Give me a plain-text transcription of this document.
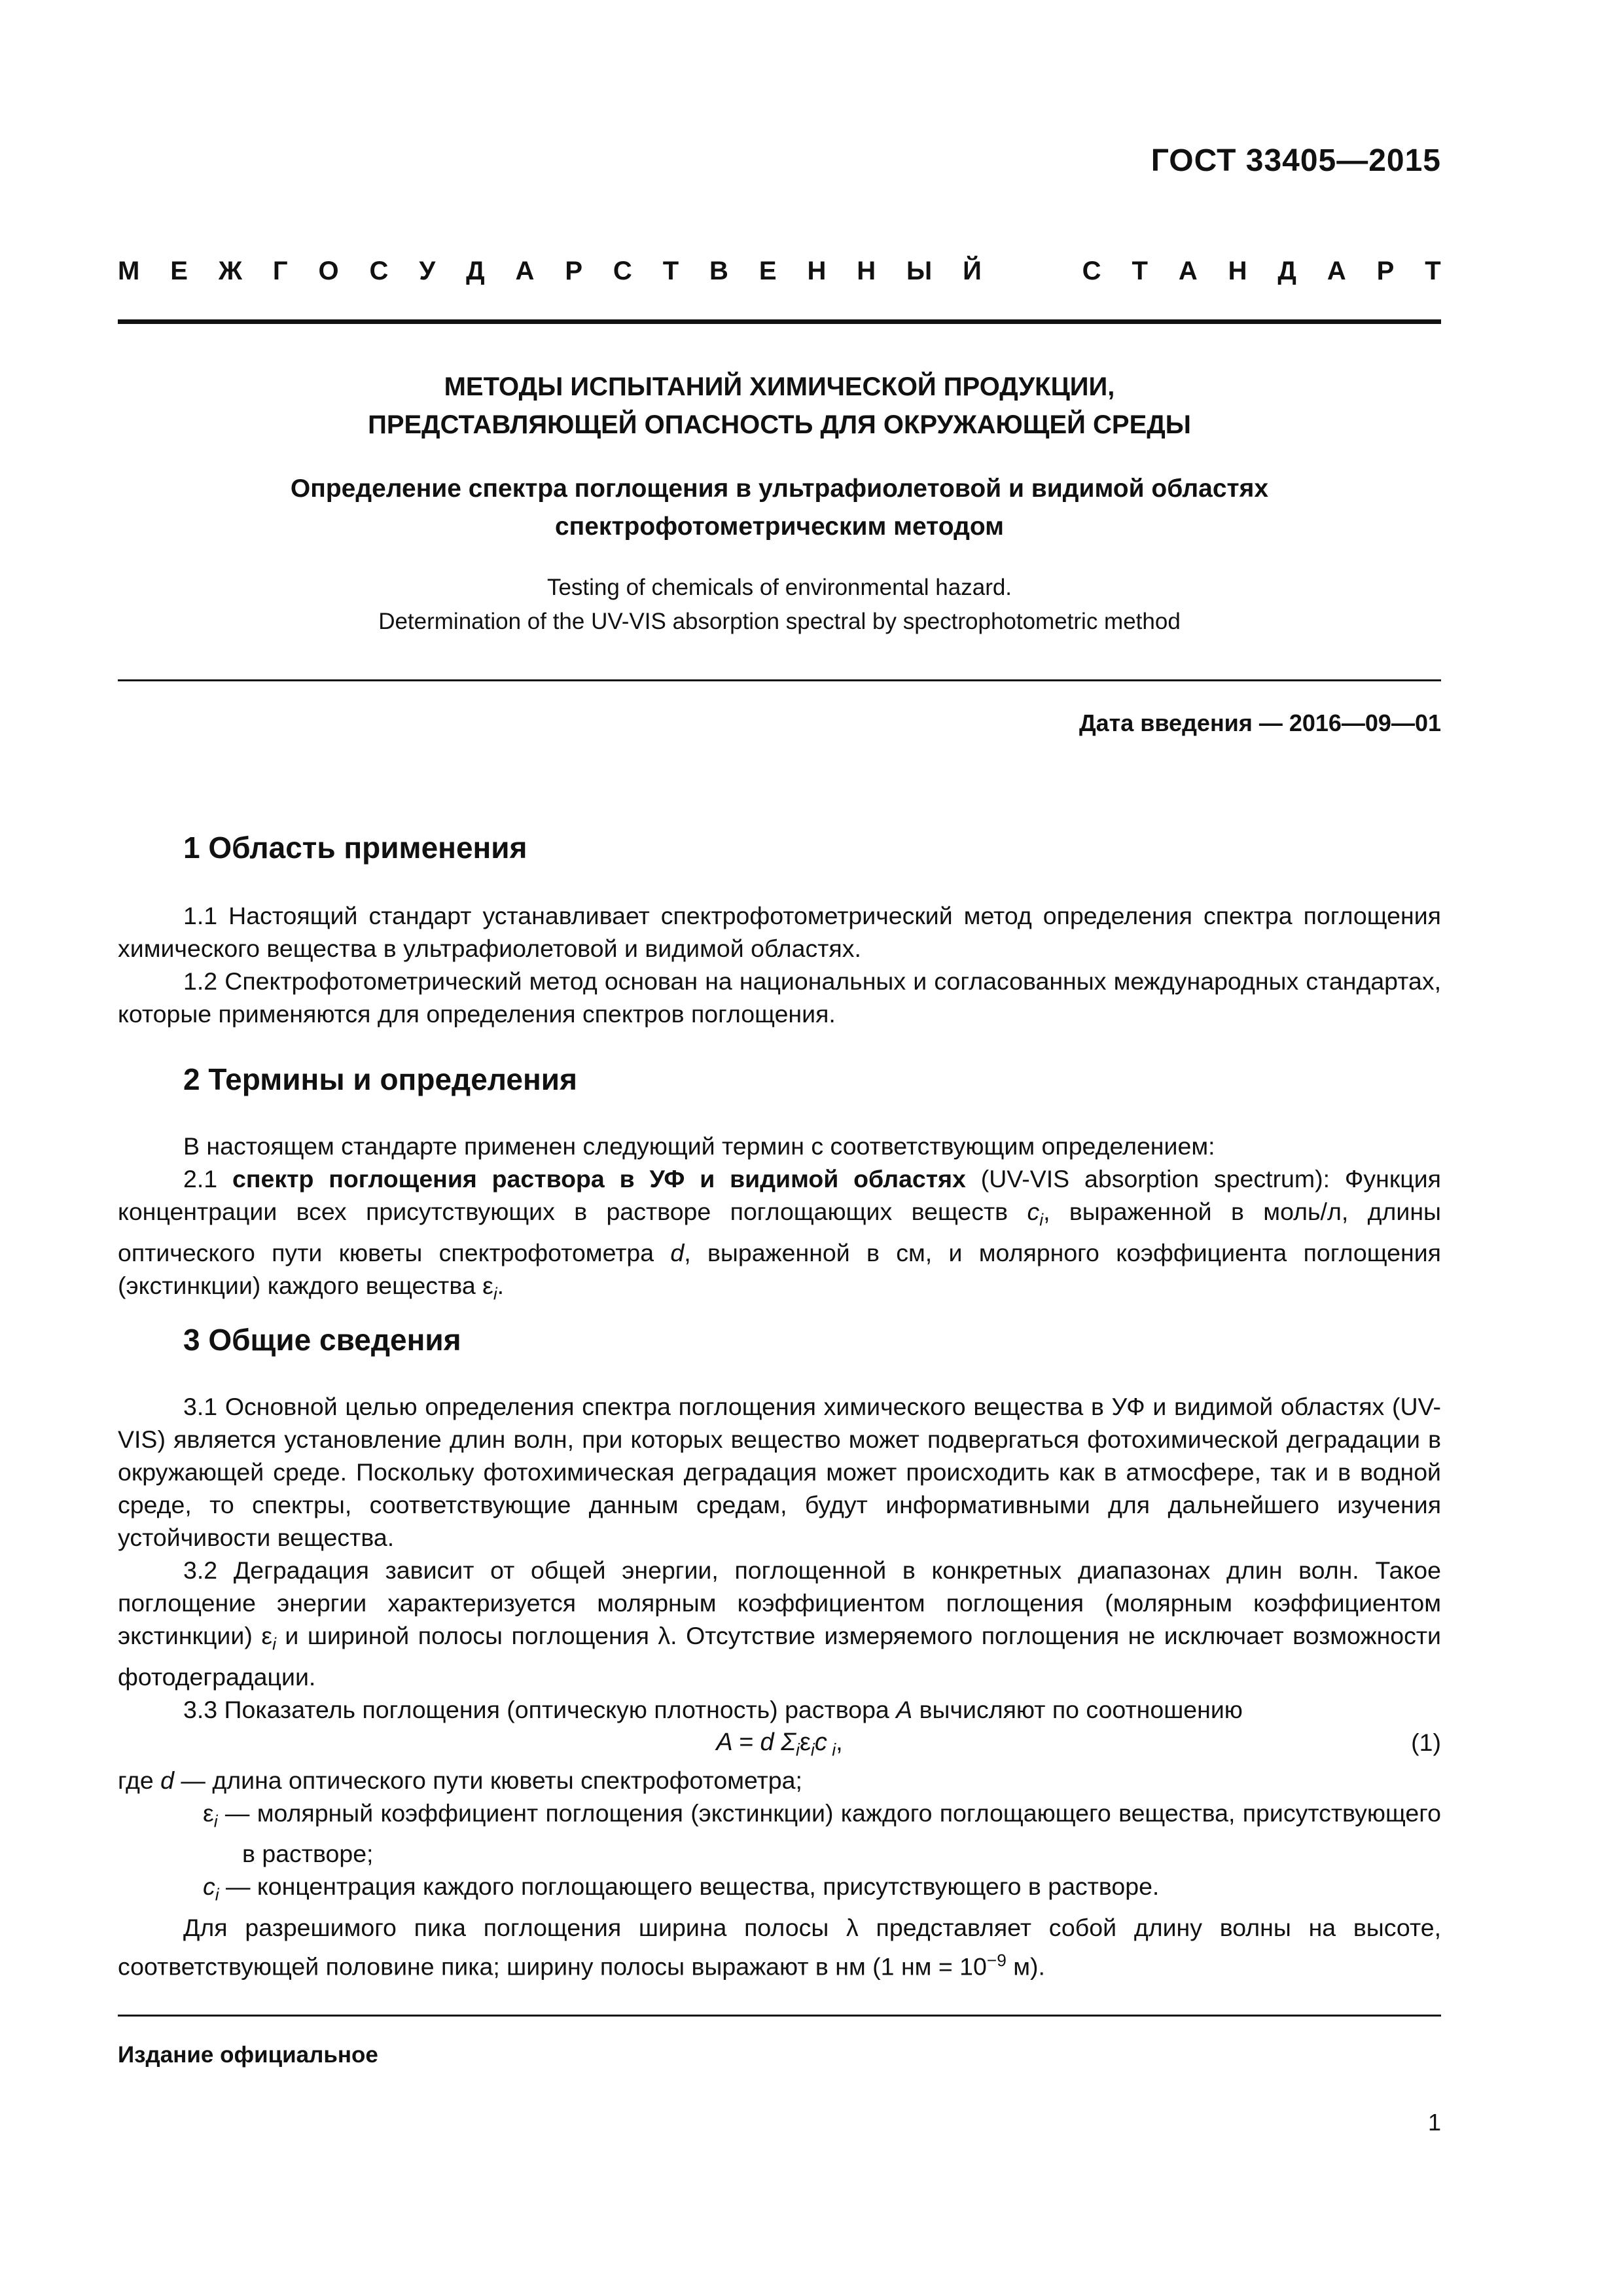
ГОСТ 33405—2015
М Е Ж Г О С У Д А Р С Т В Е Н Н Ы Й	С Т А Н Д А Р Т
МЕТОДЫ ИСПЫТАНИЙ ХИМИЧЕСКОЙ ПРОДУКЦИИ,
ПРЕДСТАВЛЯЮЩЕЙ ОПАСНОСТЬ ДЛЯ ОКРУЖАЮЩЕЙ СРЕДЫ
Определение спектра поглощения в ультрафиолетовой и видимой областях
спектрофотометрическим методом
Testing of chemicals of environmental hazard.
Determination of the UV-VIS absorption spectral by spectrophotometric method
Дата введения — 2016—09—01
1 Область применения

1.1 Настоящий стандарт устанавливает спектрофотометрический метод определения спектра поглощения химического вещества в ультрафиолетовой и видимой областях.

1.2 Спектрофотометрический метод основан на национальных и согласованных международных стандартах, которые применяются для определения спектров поглощения.

2 Термины и определения

В настоящем стандарте применен следующий термин с соответствующим определением:

2.1 спектр поглощения раствора в УФ и видимой областях (UV-VIS absorption spectrum): Функция концентрации всех присутствующих в растворе поглощающих веществ $c_i$, выраженной в моль/л, длины оптического пути кюветы спектрофотометра d, выраженной в см, и молярного коэффициента поглощения (экстинкции) каждого вещества $\varepsilon_i$.

3 Общие сведения

3.1 Основной целью определения спектра поглощения химического вещества в УФ и видимой областях (UV-VIS) является установление длин волн, при которых вещество может подвергаться фотохимической деградации в окружающей среде. Поскольку фотохимическая деградация может происходить как в атмосфере, так и в водной среде, то спектры, соответствующие данным средам, будут информативными для дальнейшего изучения устойчивости вещества.

3.2 Деградация зависит от общей энергии, поглощенной в конкретных диапазонах длин волн. Такое поглощение энергии характеризуется молярным коэффициентом поглощения (молярным коэффициентом экстинкции) $\varepsilon_i$ и шириной полосы поглощения λ. Отсутствие измеряемого поглощения не исключает возможности фотодеградации.

3.3 Показатель поглощения (оптическую плотность) раствора A вычисляют по соотношению

A = d $\Sigma_i\varepsilon_ic$ $_i$,	(1)

где d — длина оптического пути кюветы спектрофотометра;

$\varepsilon_i$ — молярный коэффициент поглощения (экстинкции) каждого поглощающего вещества, присутствующего в растворе;

$c_i$ — концентрация каждого поглощающего вещества, присутствующего в растворе.

Для разрешимого пика поглощения ширина полосы λ представляет собой длину волны на высоте, соответствующей половине пика; ширину полосы выражают в нм (1 нм = $10^{-9}$ м).

Издание официальное
1
